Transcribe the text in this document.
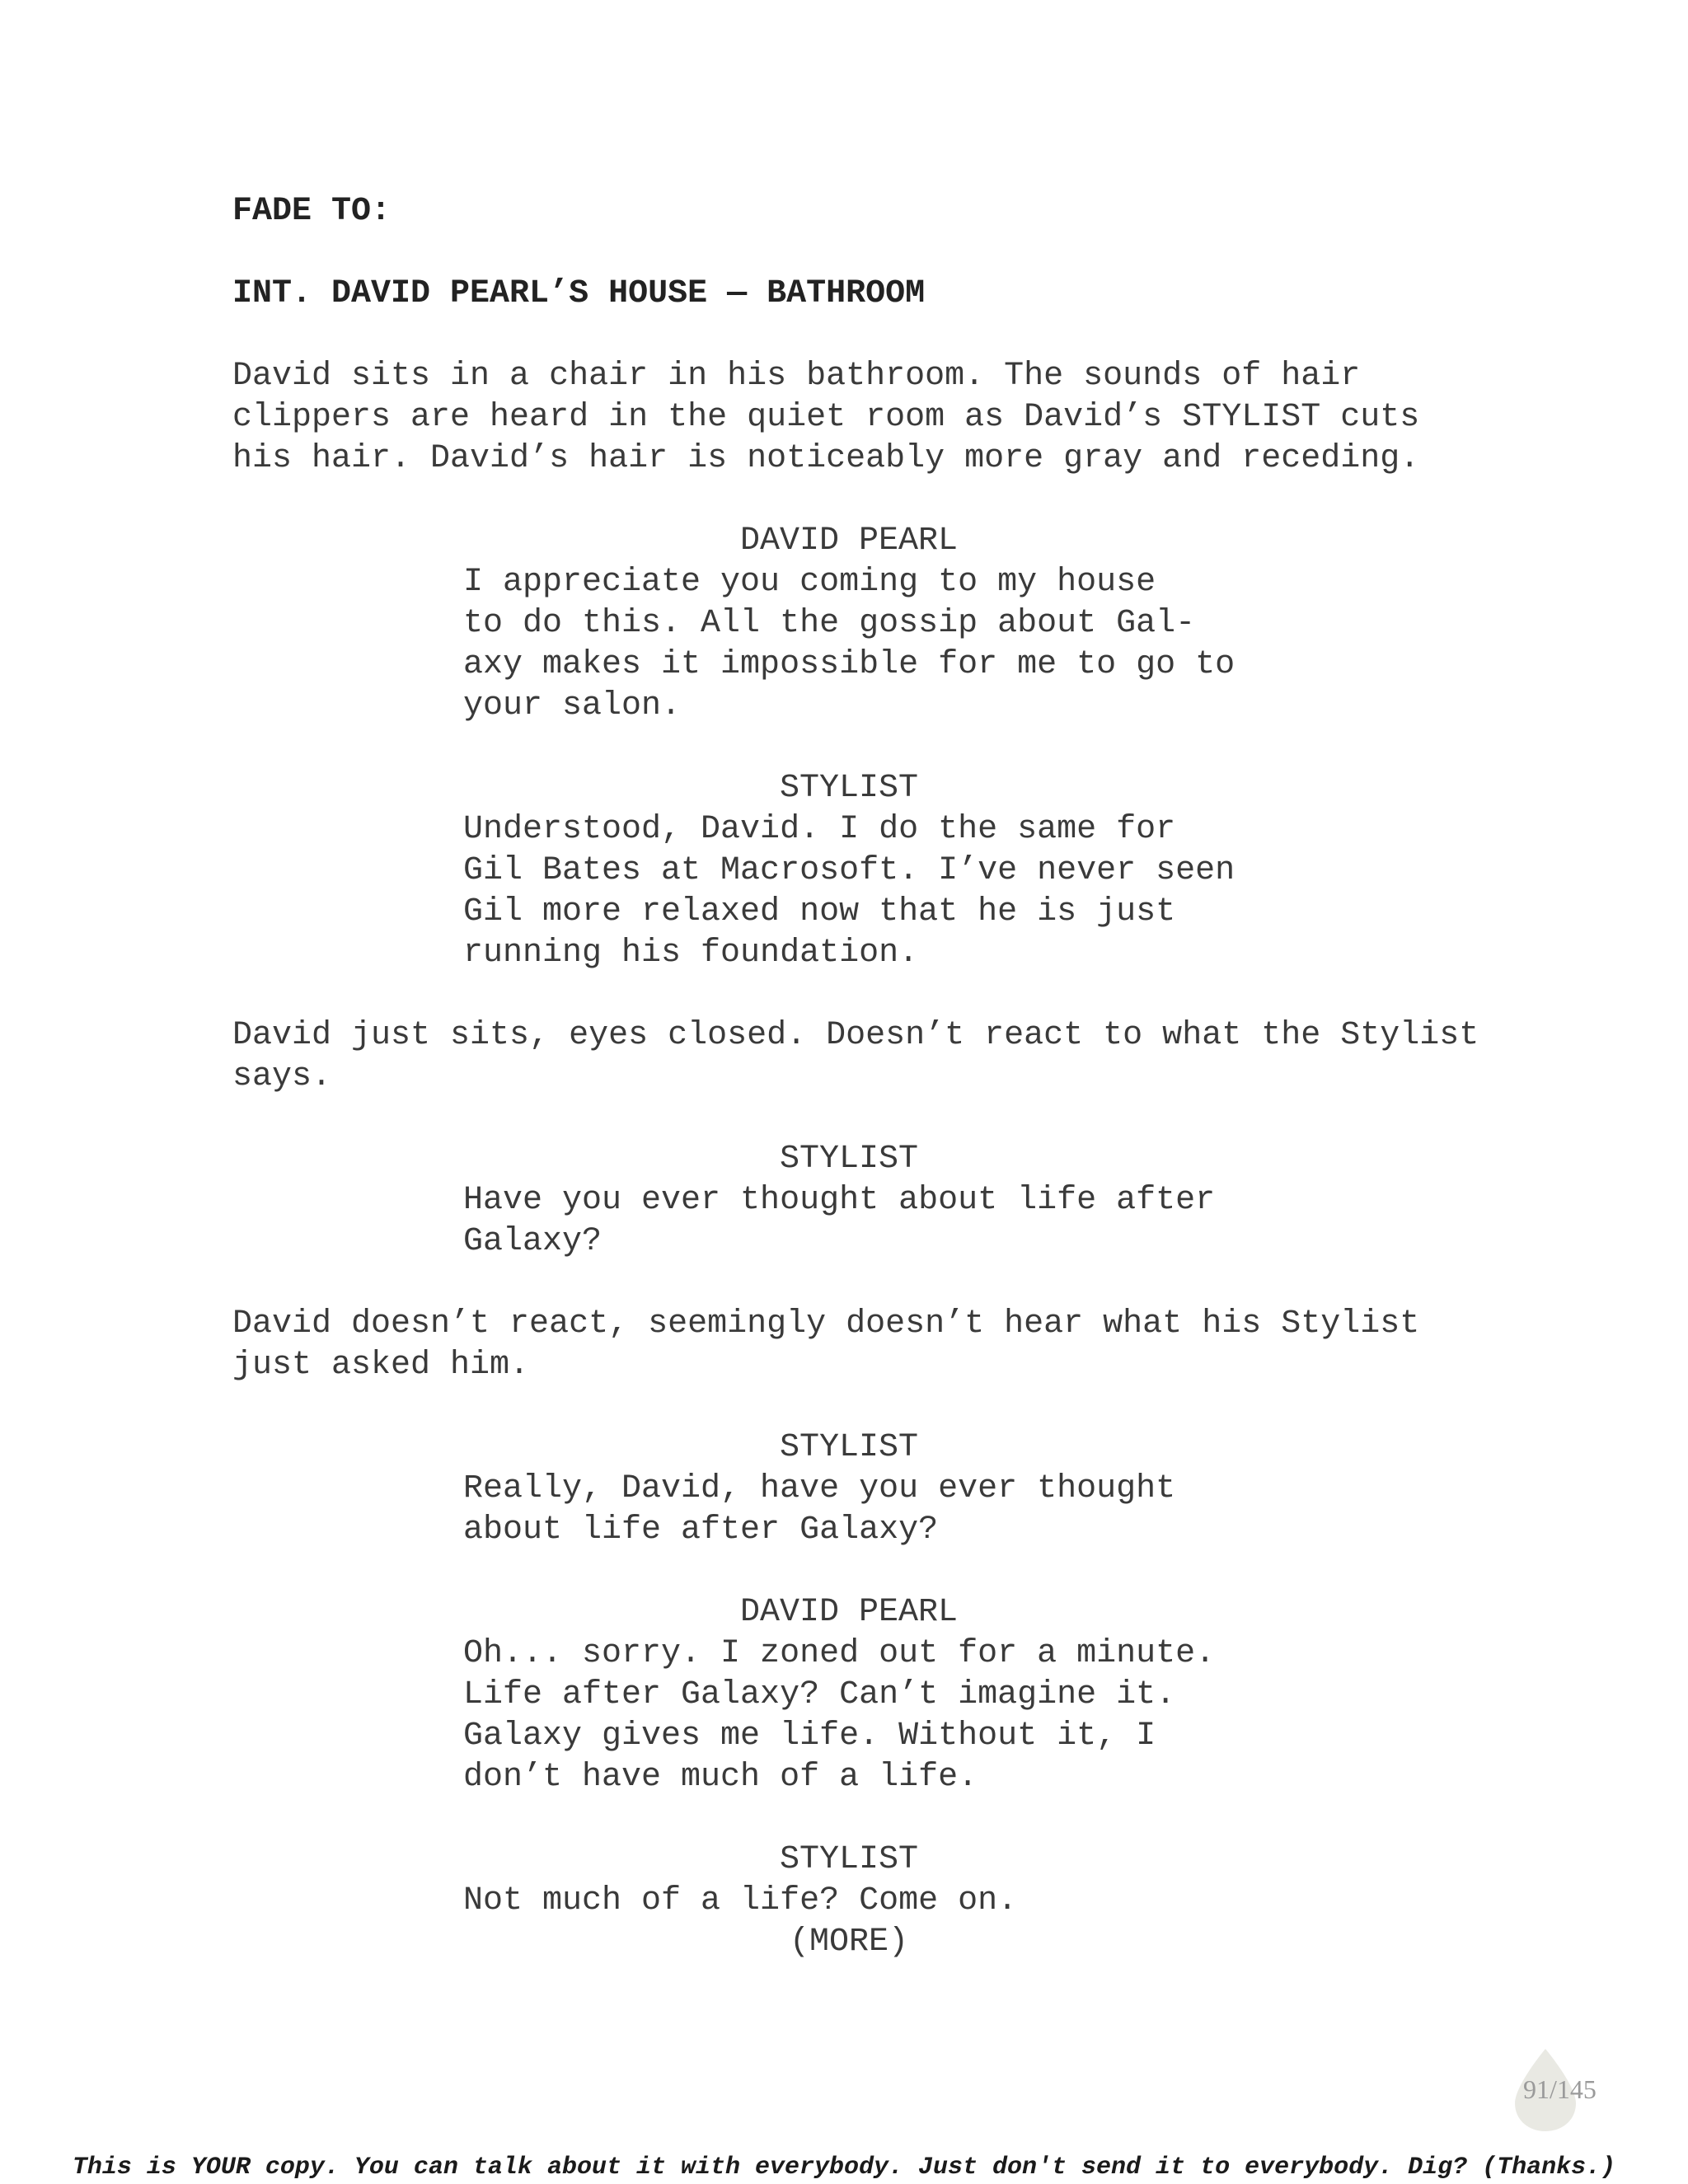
FADE TO:
INT. DAVID PEARL’S HOUSE — BATHROOM
David sits in a chair in his bathroom. The sounds of hair
clippers are heard in the quiet room as David’s STYLIST cuts
his hair. David’s hair is noticeably more gray and receding.
DAVID PEARL
I appreciate you coming to my house
to do this. All the gossip about Gal-
axy makes it impossible for me to go to
your salon.
STYLIST
Understood, David. I do the same for
Gil Bates at Macrosoft. I’ve never seen
Gil more relaxed now that he is just
running his foundation.
David just sits, eyes closed. Doesn’t react to what the Stylist
says.
STYLIST
Have you ever thought about life after
Galaxy?
David doesn’t react, seemingly doesn’t hear what his Stylist
just asked him.
STYLIST
Really, David, have you ever thought
about life after Galaxy?
DAVID PEARL
Oh... sorry. I zoned out for a minute.
Life after Galaxy? Can’t imagine it.
Galaxy gives me life. Without it, I
don’t have much of a life.
STYLIST
Not much of a life? Come on.
(MORE)
91/145
This is YOUR copy. You can talk about it with everybody. Just don't send it to everybody. Dig? (Thanks.)
